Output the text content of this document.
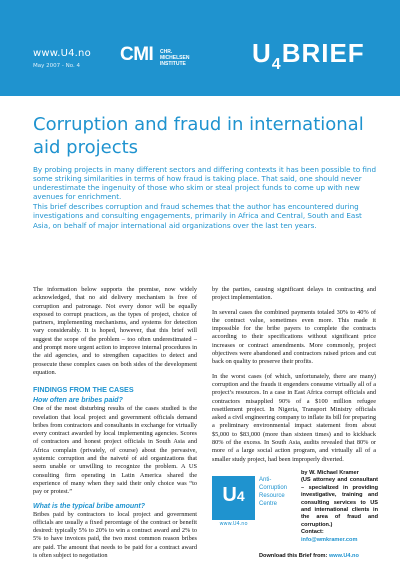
www.U4.no
May 2007 - No. 4
CMI CHR.
MICHELSEN
INSTITUTE	$U_4BRIEF$
Corruption and fraud in international aid projects

By probing projects in many different sectors and differing contexts it has been possible to find some striking similarities in terms of how fraud is taking place. That said, one should never underestimate the ingenuity of those who skim or steal project funds to come up with new avenues for enrichment.

This brief describes corruption and fraud schemes that the author has encountered during investigations and consulting engagements, primarily in Africa and Central, South and East Asia, on behalf of major international aid organizations over the last ten years.

The information below supports the premise, now widely acknowledged, that no aid delivery mechanism is free of corruption and patronage. Not every donor will be equally exposed to corrupt practices, as the types of project, choice of partners, implementing mechanisms, and systems for detection vary considerably. It is hoped, however, that this brief will suggest the scope of the problem – too often underestimated – and prompt more urgent action to improve internal procedures in the aid agencies, and to strengthen capacities to detect and prosecute these complex cases on both sides of the development equation.

FINDINGS FROM THE CASES
How often are bribes paid?

One of the most disturbing results of the cases studied is the revelation that local project and government officials demand bribes from contractors and consultants in exchange for virtually every contract awarded by local implementing agencies. Scores of contractors and honest project officials in South Asia and Africa complain (privately, of course) about the pervasive, systemic corruption and the naiveté of aid organizations that seem unable or unwilling to recognize the problem. A US consulting firm operating in Latin America shared the experience of many when they said their only choice was “to pay or protest.”

What is the typical bribe amount?

Bribes paid by contractors to local project and government officials are usually a fixed percentage of the contract or benefit desired: typically 5% to 20% to win a contract award and 2% to 5% to have invoices paid, the two most common reason bribes are paid. The amount that needs to be paid for a contract award is often subject to negotiation

by the parties, causing significant delays in contracting and project implementation.

In several cases the combined payments totaled 30% to 40% of the contract value, sometimes even more. This made it impossible for the bribe payers to complete the contracts according to their specifications without significant price increases or contract amendments. More commonly, project objectives were abandoned and contractors raised prices and cut back on quality to preserve their profits.

In the worst cases (of which, unfortunately, there are many) corruption and the frauds it engenders consume virtually all of a project’s resources. In a case in East Africa corrupt officials and contractors misapplied 90% of a $100 million refugee resettlement project. In Nigeria, Transport Ministry officials asked a civil engineering company to inflate its bill for preparing a preliminary environmental impact statement from about $5,000 to $83,000 (more than sixteen times) and to kickback 80% of the excess. In South Asia, audits revealed that 80% or more of a large social action program, and virtually all of a smaller study project, had been improperly diverted.

U4
www.U4.no
Anti-
Corruption
Resource
Centre
by W. Michael Kramer
(US attorney and consultant – specialized in providing investigative, training and consulting services to US and international clients in the area of fraud and corruption.)
Contact: info@wmkramer.com
Download this Brief from: www.U4.no
